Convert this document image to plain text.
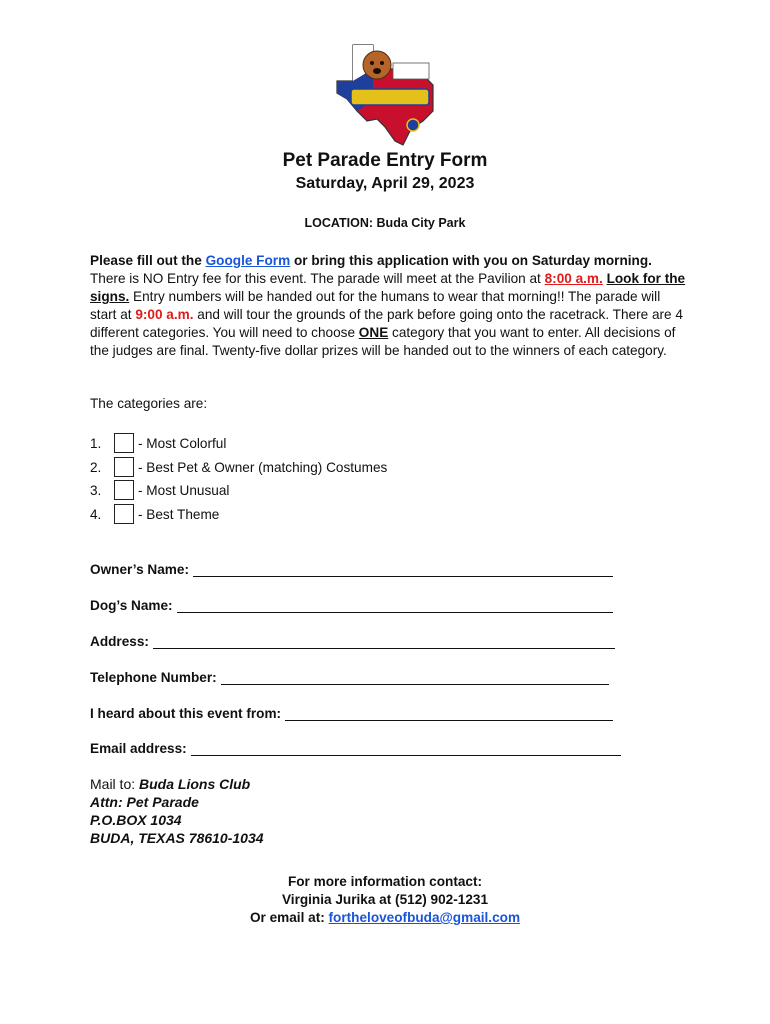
Pet Parade Entry Form
Saturday, April 29, 2023
LOCATION: Buda City Park
Please fill out the Google Form or bring this application with you on Saturday morning. There is NO Entry fee for this event. The parade will meet at the Pavilion at 8:00 a.m. Look for the signs. Entry numbers will be handed out for the humans to wear that morning!! The parade will start at 9:00 a.m. and will tour the grounds of the park before going onto the racetrack. There are 4 different categories. You will need to choose ONE category that you want to enter. All decisions of the judges are final. Twenty-five dollar prizes will be handed out to the winners of each category.
The categories are:
1.	- Most Colorful
2.	- Best Pet & Owner (matching) Costumes
3.	- Most Unusual
4.	- Best Theme
Owner’s Name:
Dog’s Name:
Address:
Telephone Number:
I heard about this event from:
Email address:
Mail to: Buda Lions Club
Attn: Pet Parade
P.O.BOX 1034
BUDA, TEXAS 78610-1034
For more information contact:
Virginia Jurika at (512) 902-1231
Or email at: fortheloveofbuda@gmail.com
